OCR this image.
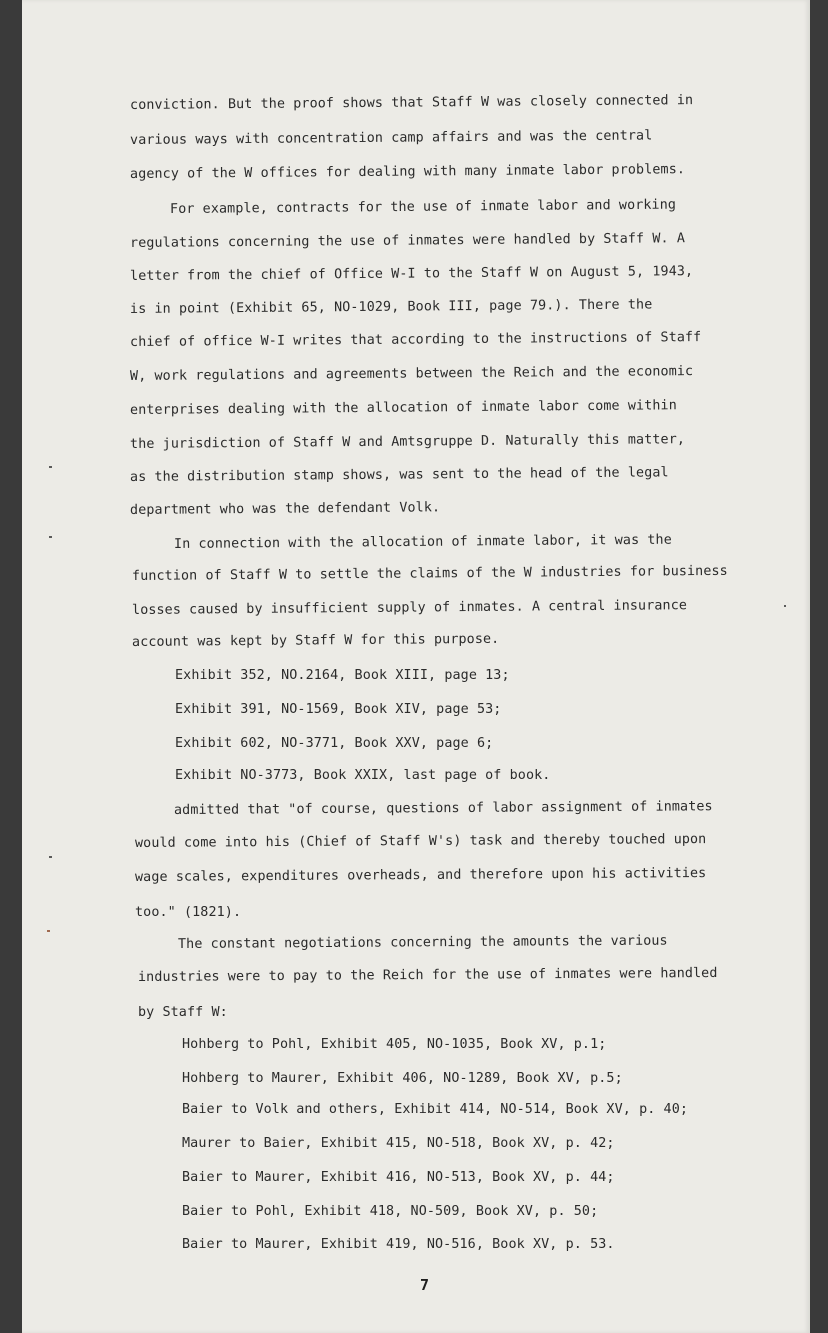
conviction. But the proof shows that Staff W was closely connected in
various ways with concentration camp affairs and was the central
agency of the W offices for dealing with many inmate labor problems.
For example, contracts for the use of inmate labor and working
regulations concerning the use of inmates were handled by Staff W. A
letter from the chief of Office W-I to the Staff W on August 5, 1943,
is in point (Exhibit 65, NO-1029, Book III, page 79.). There the
chief of office W-I writes that according to the instructions of Staff
W, work regulations and agreements between the Reich and the economic
enterprises dealing with the allocation of inmate labor come within
the jurisdiction of Staff W and Amtsgruppe D. Naturally this matter,
as the distribution stamp shows, was sent to the head of the legal
department who was the defendant Volk.
In connection with the allocation of inmate labor, it was the
function of Staff W to settle the claims of the W industries for business
losses caused by insufficient supply of inmates. A central insurance
account was kept by Staff W for this purpose.
Exhibit 352, NO.2164, Book XIII, page 13;
Exhibit 391, NO-1569, Book XIV, page 53;
Exhibit 602, NO-3771, Book XXV, page 6;
Exhibit NO-3773, Book XXIX, last page of book.
admitted that "of course, questions of labor assignment of inmates
would come into his (Chief of Staff W's) task and thereby touched upon
wage scales, expenditures overheads, and therefore upon his activities
too." (1821).
The constant negotiations concerning the amounts the various
industries were to pay to the Reich for the use of inmates were handled
by Staff W:
Hohberg to Pohl, Exhibit 405, NO-1035, Book XV, p.1;
Hohberg to Maurer, Exhibit 406, NO-1289, Book XV, p.5;
Baier to Volk and others, Exhibit 414, NO-514, Book XV, p. 40;
Maurer to Baier, Exhibit 415, NO-518, Book XV, p. 42;
Baier to Maurer, Exhibit 416, NO-513, Book XV, p. 44;
Baier to Pohl, Exhibit 418, NO-509, Book XV, p. 50;
Baier to Maurer, Exhibit 419, NO-516, Book XV, p. 53.
7
